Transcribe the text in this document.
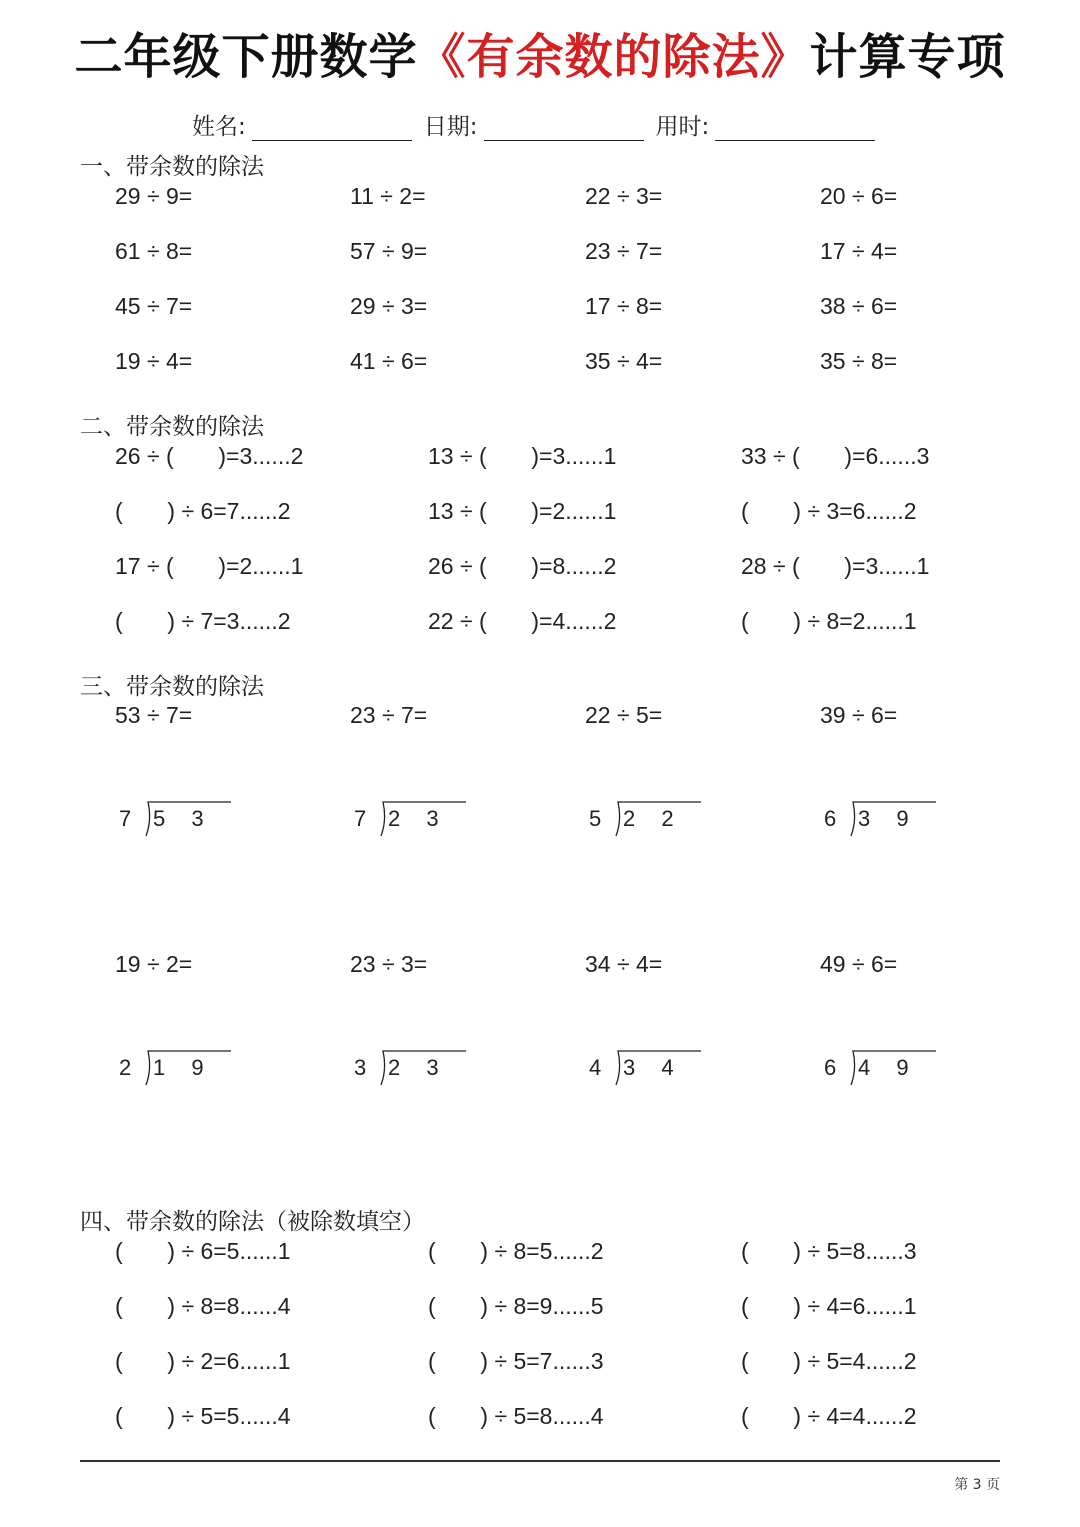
二年级下册数学《有余数的除法》计算专项
姓名:	日期:	用时:
一、带余数的除法
29 ÷ 9=	11 ÷ 2=	22 ÷ 3=	20 ÷ 6=
61 ÷ 8=	57 ÷ 9=	23 ÷ 7=	17 ÷ 4=
45 ÷ 7=	29 ÷ 3=	17 ÷ 8=	38 ÷ 6=
19 ÷ 4=	41 ÷ 6=	35 ÷ 4=	35 ÷ 8=
二、带余数的除法
26 ÷ (       )=3......2	13 ÷ (       )=3......1	33 ÷ (       )=6......3
(       ) ÷ 6=7......2	13 ÷ (       )=2......1	(       ) ÷ 3=6......2
17 ÷ (       )=2......1	26 ÷ (       )=8......2	28 ÷ (       )=3......1
(       ) ÷ 7=3......2	22 ÷ (       )=4......2	(       ) ÷ 8=2......1
三、带余数的除法
53 ÷ 7=	23 ÷ 7=	22 ÷ 5=	39 ÷ 6=
7 5 3	7 2 3	5 2 2	6 3 9
19 ÷ 2=	23 ÷ 3=	34 ÷ 4=	49 ÷ 6=
2 1 9	3 2 3	4 3 4	6 4 9
四、带余数的除法（被除数填空）
(       ) ÷ 6=5......1	(       ) ÷ 8=5......2	(       ) ÷ 5=8......3
(       ) ÷ 8=8......4	(       ) ÷ 8=9......5	(       ) ÷ 4=6......1
(       ) ÷ 2=6......1	(       ) ÷ 5=7......3	(       ) ÷ 5=4......2
(       ) ÷ 5=5......4	(       ) ÷ 5=8......4	(       ) ÷ 4=4......2
第 3 页
